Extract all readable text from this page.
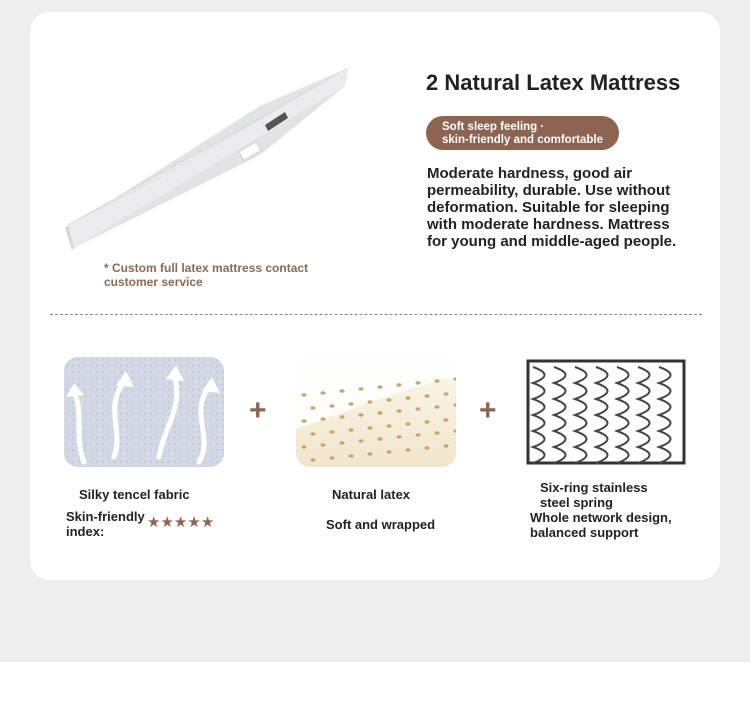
* Custom full latex mattress contact customer service
2 Natural Latex Mattress
Soft sleep feeling ·
skin-friendly and comfortable
Moderate hardness, good air permeability, durable. Use without deformation. Suitable for sleeping with moderate hardness. Mattress for young and middle-aged people.
+	+
Silky tencel fabric
Skin-friendly index:
★★★★★
Natural latex
Soft and wrapped
Six-ring stainless steel spring
Whole network design, balanced support
